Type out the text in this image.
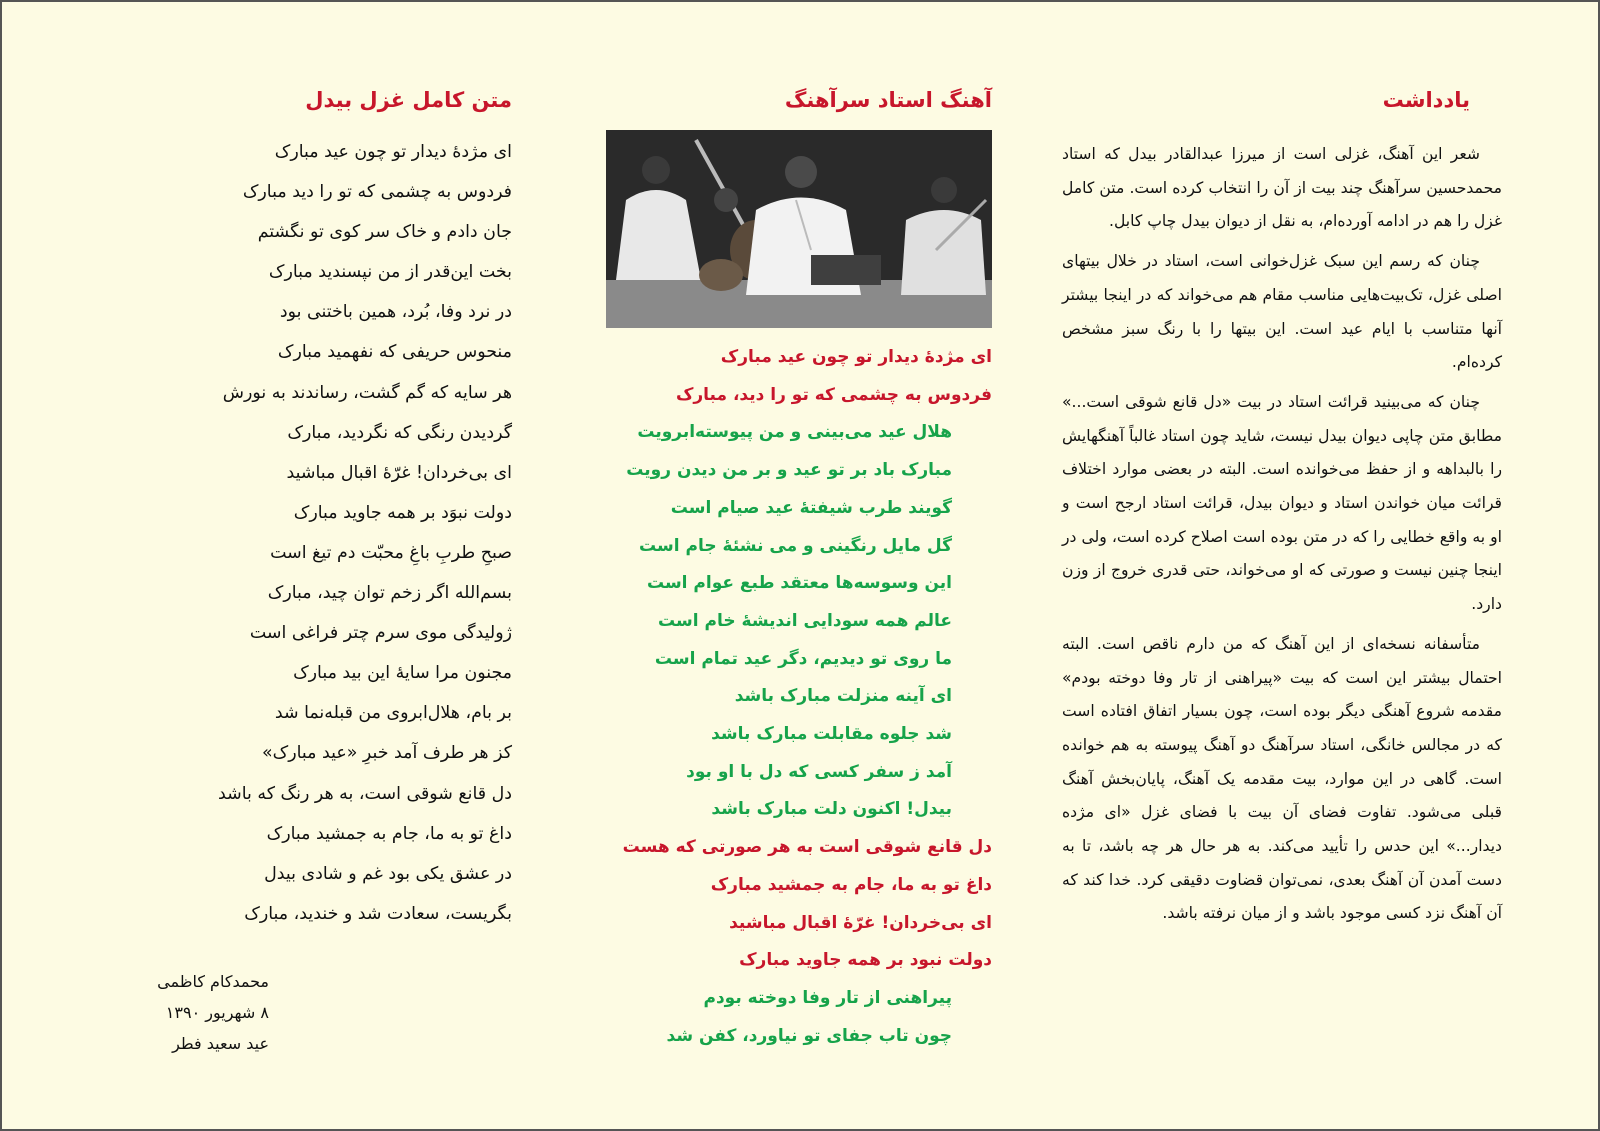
یادداشت

شعر این آهنگ، غزلی است از میرزا عبدالقادر بیدل که استاد محمدحسین سرآهنگ چند بیت از آن را انتخاب کرده است. متن کامل غزل را هم در ادامه آورده‌ام، به نقل از دیوان بیدل چاپ کابل.

چنان که رسم این سبک غزل‌خوانی است، استاد در خلال بیتهای اصلی غزل، تک‌بیت‌هایی مناسب مقام هم می‌خواند که در اینجا بیشتر آنها متناسب با ایام عید است. این بیتها را با رنگ سبز مشخص کرده‌ام.

چنان که می‌بینید قرائت استاد در بیت «دل قانع شوقی است...» مطابق متن چاپی دیوان بیدل نیست، شاید چون استاد غالباً آهنگهایش را بالبداهه و از حفظ می‌خوانده است. البته در بعضی موارد اختلاف قرائت میان خواندن استاد و دیوان بیدل، قرائت استاد ارجح است و او به واقع خطایی را که در متن بوده است اصلاح کرده است، ولی در اینجا چنین نیست و صورتی که او می‌خواند، حتی قدری خروج از وزن دارد.

متأسفانه نسخه‌ای از این آهنگ که من دارم ناقص است. البته احتمال بیشتر این است که بیت «پیراهنی از تار وفا دوخته بودم» مقدمه شروع آهنگی دیگر بوده است، چون بسیار اتفاق افتاده است که در مجالس خانگی، استاد سرآهنگ دو آهنگ پیوسته به هم خوانده است. گاهی در این موارد، بیت مقدمه یک آهنگ، پایان‌بخش آهنگ قبلی می‌شود. تفاوت فضای آن بیت با فضای غزل «ای مژده دیدار...» این حدس را تأیید می‌کند. به هر حال هر چه باشد، تا به دست آمدن آن آهنگ بعدی، نمی‌توان قضاوت دقیقی کرد. خدا کند که آن آهنگ نزد کسی موجود باشد و از میان نرفته باشد.

آهنگ استاد سرآهنگ
ای مژدهٔ دیدار تو چون عید مبارک
فردوس به چشمی که تو را دید، مبارک
هلال عید می‌بینی و من پیوسته‌ابرویت
مبارک باد بر تو عید و بر من دیدن رویت
گویند طرب شیفتهٔ عید صیام است
گل مایل رنگینی و می نشئهٔ جام است
این وسوسه‌ها معتقد طبع عوام است
عالم همه سودایی اندیشهٔ خام است
ما روی تو دیدیم، دگر عید تمام است
ای آینه منزلت مبارک باشد
شد جلوه مقابلت مبارک باشد
آمد ز سفر کسی که دل با او بود
بیدل! اکنون دلت مبارک باشد
دل قانع شوقی است به هر صورتی که هست
داغ تو به ما، جام به جمشید مبارک
ای بی‌خردان! غرّهٔ اقبال مباشید
دولت نبود بر همه جاوید مبارک
پیراهنی از تار وفا دوخته بودم
چون تاب جفای تو نیاورد، کفن شد
متن کامل غزل بیدل
ای مژدهٔ دیدار تو چون عید مبارک
فردوس به چشمی که تو را دید مبارک
جان دادم و خاک سر کوی تو نگشتم
بخت این‌قدر از من نپسندید مبارک
در نرد وفا، بُرد، همین باختنی بود
منحوس حریفی که نفهمید مبارک
هر سایه که گم گشت، رساندند به نورش
گردیدن رنگی که نگردید، مبارک
ای بی‌خردان! غرّهٔ اقبال مباشید
دولت نبوَد بر همه جاوید مبارک
صبحِ طربِ باغِ محبّت دم تیغ است
بسم‌الله اگر زخم توان چید، مبارک
ژولیدگی موی سرم چتر فراغی است
مجنون مرا سایهٔ این بید مبارک
بر بام، هلال‌ابروی من قبله‌نما شد
کز هر طرف آمد خبرِ «عید مبارک»
دل قانع شوقی است، به هر رنگ که باشد
داغ تو به ما، جام به جمشید مبارک
در عشق یکی بود غم و شادی بیدل
بگریست، سعادت شد و خندید، مبارک
محمدکام کاظمی
۸ شهریور ۱۳۹۰
عید سعید فطر
